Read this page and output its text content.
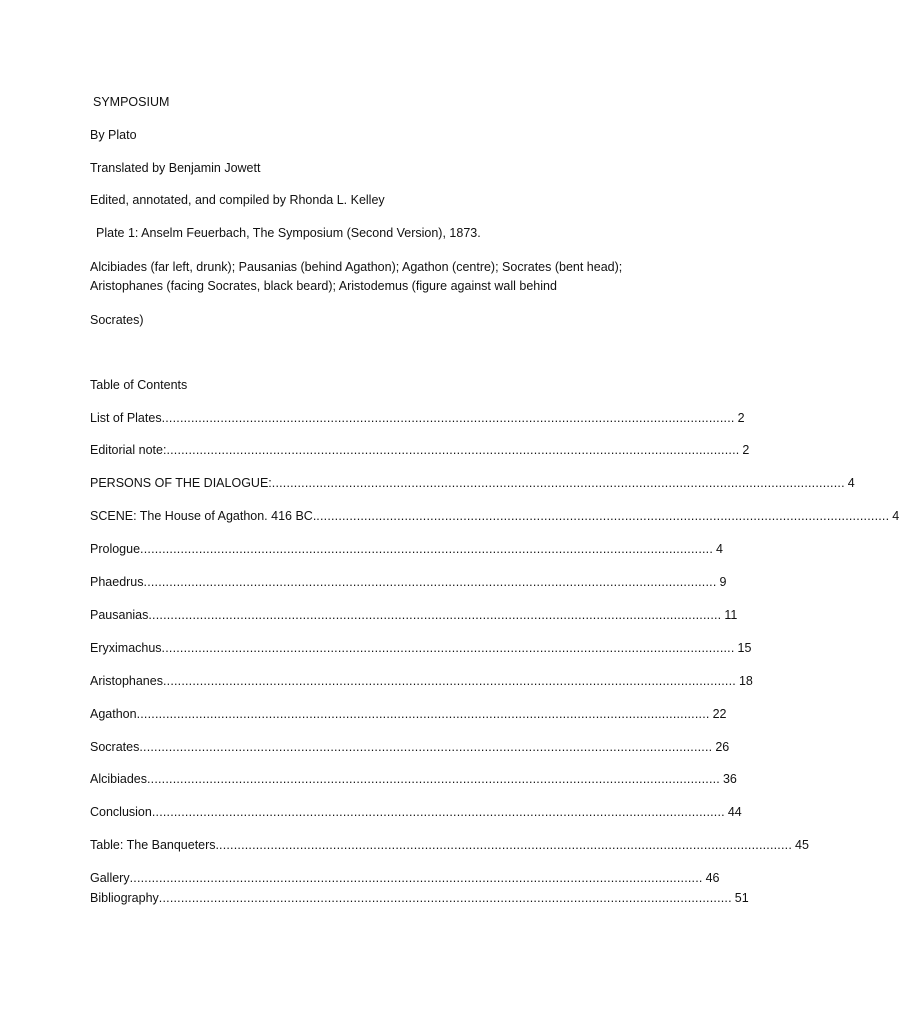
SYMPOSIUM
By Plato
Translated by Benjamin Jowett
Edited, annotated, and compiled by Rhonda L. Kelley
Plate 1: Anselm Feuerbach, The Symposium (Second Version), 1873.
Alcibiades (far left, drunk); Pausanias (behind Agathon); Agathon (centre); Socrates (bent head);
Aristophanes (facing Socrates, black beard); Aristodemus (figure against wall behind
Socrates)
Table of Contents
List of Plates ............................................................................................................................................................ 2
Editorial note: ............................................................................................................................................................ 2
PERSONS OF THE DIALOGUE: ............................................................................................................................................................ 4
SCENE: The House of Agathon. 416 BC. ............................................................................................................................................................ 4
Prologue ............................................................................................................................................................ 4
Phaedrus ............................................................................................................................................................ 9
Pausanias ............................................................................................................................................................ 11
Eryximachus ............................................................................................................................................................ 15
Aristophanes ............................................................................................................................................................ 18
Agathon ............................................................................................................................................................ 22
Socrates ............................................................................................................................................................ 26
Alcibiades ............................................................................................................................................................ 36
Conclusion ............................................................................................................................................................ 44
Table: The Banqueters. ............................................................................................................................................................ 45
Gallery ............................................................................................................................................................ 46
Bibliography ............................................................................................................................................................ 51
